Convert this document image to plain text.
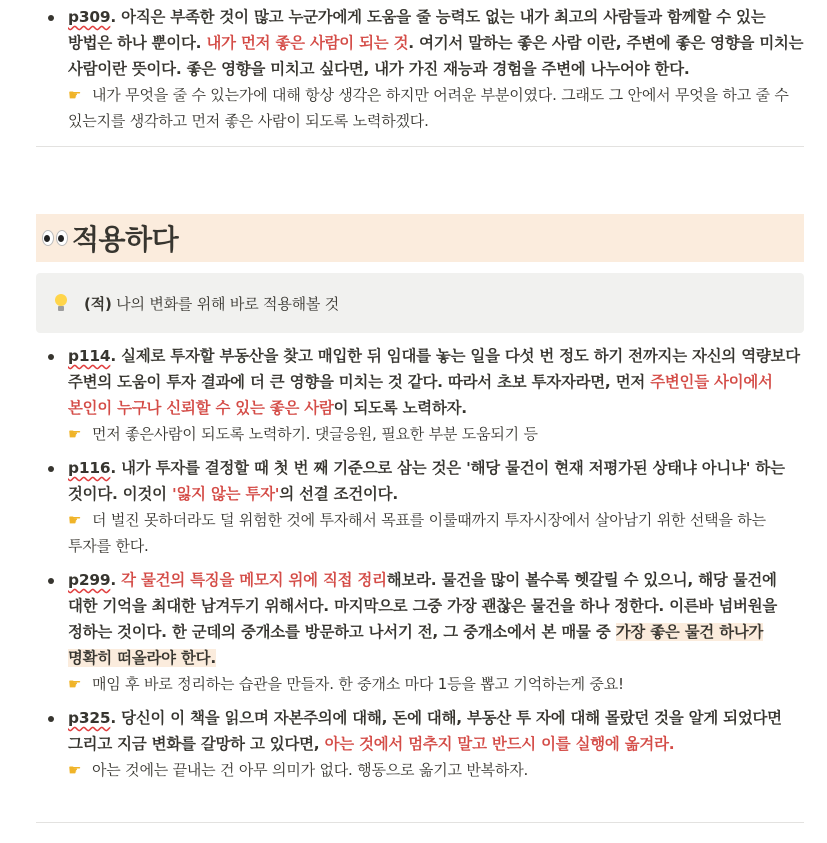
p309. 아직은 부족한 것이 많고 누군가에게 도움을 줄 능력도 없는 내가 최고의 사람들과 함께할 수 있는 방법은 하나 뿐이다. 내가 먼저 좋은 사람이 되는 것. 여기서 말하는 좋은 사람 이란, 주변에 좋은 영향을 미치는 사람이란 뜻이다. 좋은 영향을 미치고 싶다면, 내가 가진 재능과 경험을 주변에 나누어야 한다.
☛ 내가 무엇을 줄 수 있는가에 대해 항상 생각은 하지만 어려운 부분이였다. 그래도 그 안에서 무엇을 하고 줄 수 있는지를 생각하고 먼저 좋은 사람이 되도록 노력하겠다.
적용하다
(적) 나의 변화를 위해 바로 적용해볼 것
p114. 실제로 투자할 부동산을 찾고 매입한 뒤 임대를 놓는 일을 다섯 번 정도 하기 전까지는 자신의 역량보다 주변의 도움이 투자 결과에 더 큰 영향을 미치는 것 같다. 따라서 초보 투자자라면, 먼저 주변인들 사이에서 본인이 누구나 신뢰할 수 있는 좋은 사람이 되도록 노력하자.
☛ 먼저 좋은사람이 되도록 노력하기. 댓글응원, 필요한 부분 도움되기 등
p116. 내가 투자를 결정할 때 첫 번 째 기준으로 삼는 것은 '해당 물건이 현재 저평가된 상태냐 아니냐' 하는 것이다. 이것이 '잃지 않는 투자'의 선결 조건이다.
☛ 더 벌진 못하더라도 덜 위험한 것에 투자해서 목표를 이룰때까지 투자시장에서 살아남기 위한 선택을 하는 투자를 한다.
p299. 각 물건의 특징을 메모지 위에 직접 정리해보라. 물건을 많이 볼수록 헷갈릴 수 있으니, 해당 물건에 대한 기억을 최대한 남겨두기 위해서다. 마지막으로 그중 가장 괜찮은 물건을 하나 정한다. 이른바 넘버원을 정하는 것이다. 한 군데의 중개소를 방문하고 나서기 전, 그 중개소에서 본 매물 중 가장 좋은 물건 하나가 명확히 떠올라야 한다.
☛ 매임 후 바로 정리하는 습관을 만들자. 한 중개소 마다 1등을 뽑고 기억하는게 중요!
p325. 당신이 이 책을 읽으며 자본주의에 대해, 돈에 대해, 부동산 투 자에 대해 몰랐던 것을 알게 되었다면 그리고 지금 변화를 갈망하 고 있다면, 아는 것에서 멈추지 말고 반드시 이를 실행에 옮겨라.
☛ 아는 것에는 끝내는 건 아무 의미가 없다. 행동으로 옮기고 반복하자.
